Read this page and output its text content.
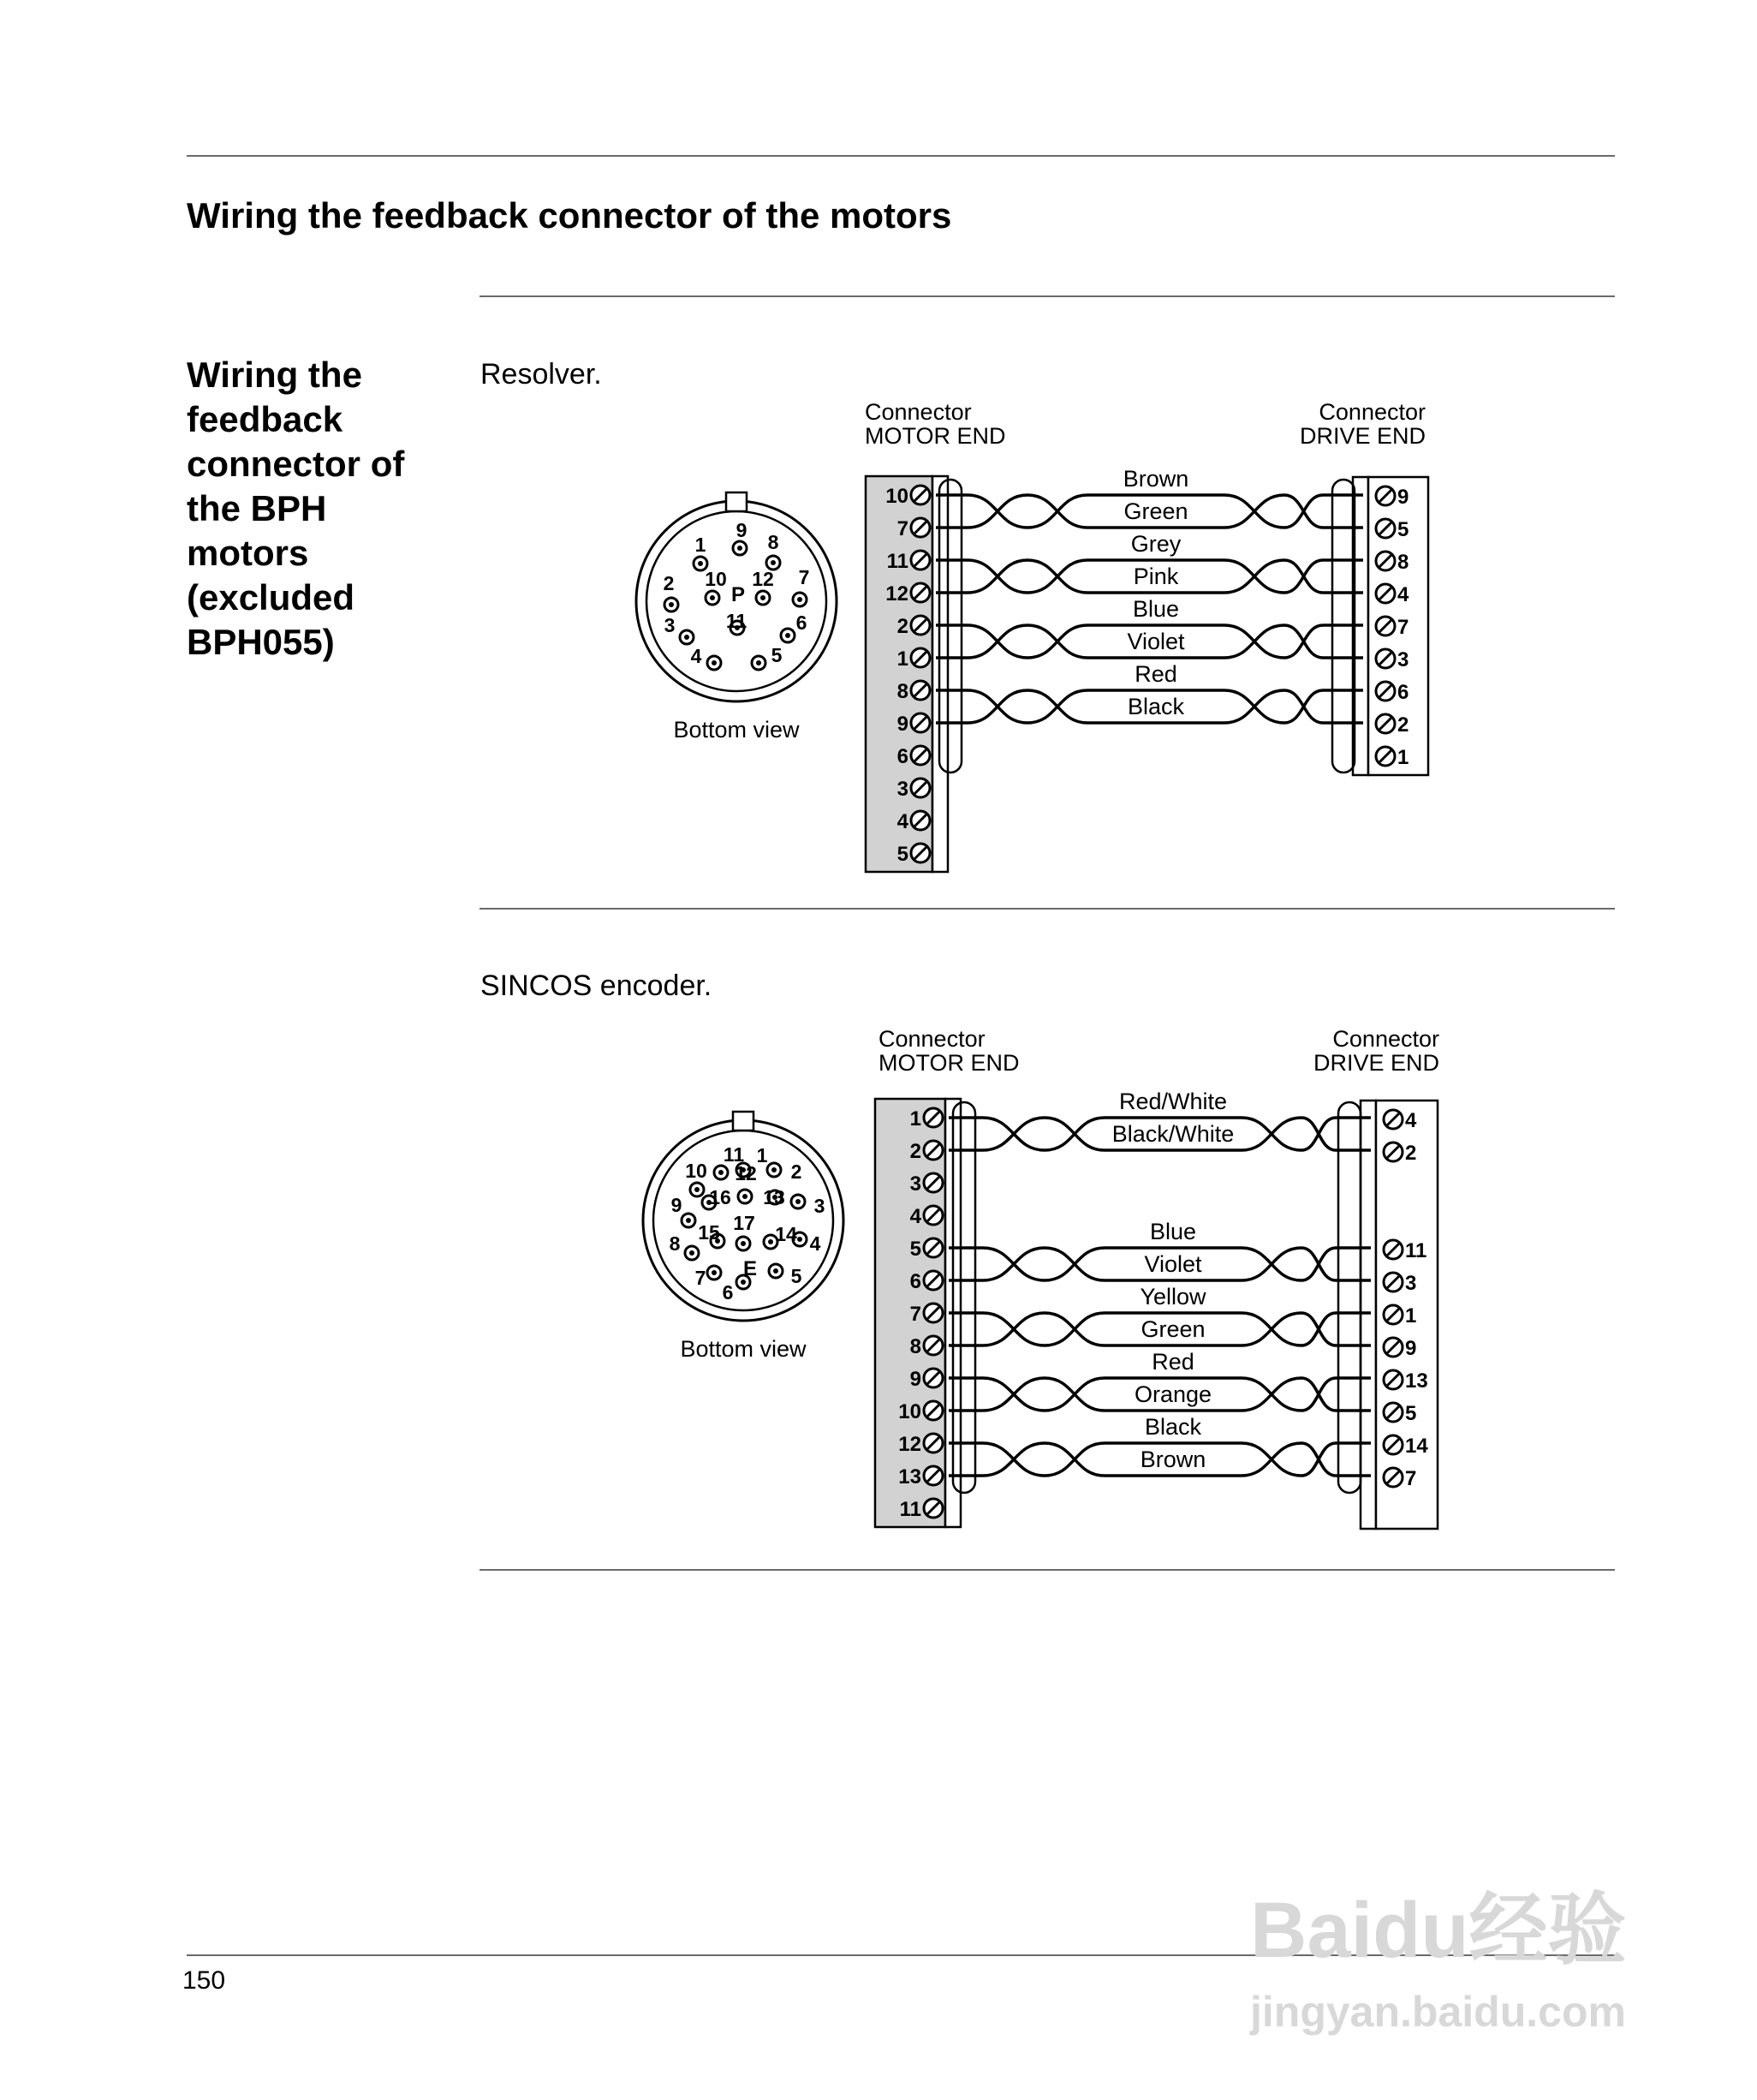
Wiring the feedback connector of the motors
Wiring the
feedback
connector of
the BPH
motors
(excluded
BPH055)
Resolver.
SINCOS encoder.
Connector
MOTOR END
Connector
DRIVE END
10
7
11
12
2
1
8
9
6
3
4
5
9
5
8
4
7
3
6
2
1
Brown
Green
Grey
Pink
Blue
Violet
Red
Black
1
2
3
4	5
6
7
8
9
10
11
12
P
Bottom view
Connector
MOTOR END
Connector
DRIVE END
1
2
3
4
5
6
7
8
9
10
12
13
11
4
2
11
3
1
9
13
5
14
7
Red/White
Black/White
Blue
Violet
Yellow
Green
Red
Orange
Black
Brown
1
2
3
4
5
6
7
8
9
10
11
12
13
14
15
16
17
E
Bottom view
150
Baidu经验
jingyan.baidu.com
